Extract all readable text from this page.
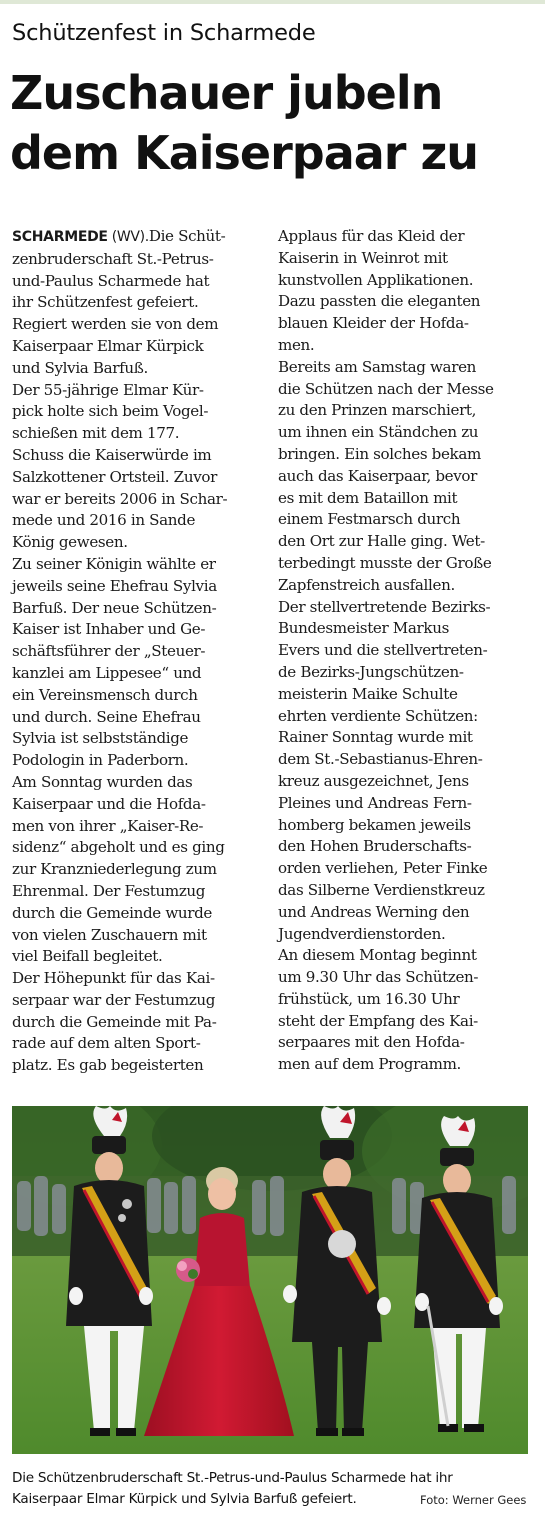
Schützenfest in Scharmede
Zuschauer jubeln
dem Kaiserpaar zu
SCHARMEDE (WV).Die Schüt-
zenbruderschaft St.-Petrus-
und-Paulus Scharmede hat
ihr Schützenfest gefeiert.
Regiert werden sie von dem
Kaiserpaar Elmar Kürpick
und Sylvia Barfuß.
Der 55-jährige Elmar Kür-
pick holte sich beim Vogel-
schießen mit dem 177.
Schuss die Kaiserwürde im
Salzkottener Ortsteil. Zuvor
war er bereits 2006 in Schar-
mede und 2016 in Sande
König gewesen.
Zu seiner Königin wählte er
jeweils seine Ehefrau Sylvia
Barfuß. Der neue Schützen-
Kaiser ist Inhaber und Ge-
schäftsführer der „Steuer-
kanzlei am Lippesee“ und
ein Vereinsmensch durch
und durch. Seine Ehefrau
Sylvia ist selbstständige
Podologin in Paderborn.
Am Sonntag wurden das
Kaiserpaar und die Hofda-
men von ihrer „Kaiser-Re-
sidenz“ abgeholt und es ging
zur Kranzniederlegung zum
Ehrenmal. Der Festumzug
durch die Gemeinde wurde
von vielen Zuschauern mit
viel Beifall begleitet.
Der Höhepunkt für das Kai-
serpaar war der Festumzug
durch die Gemeinde mit Pa-
rade auf dem alten Sport-
platz. Es gab begeisterten
Applaus für das Kleid der
Kaiserin in Weinrot mit
kunstvollen Applikationen.
Dazu passten die eleganten
blauen Kleider der Hofda-
men.
Bereits am Samstag waren
die Schützen nach der Messe
zu den Prinzen marschiert,
um ihnen ein Ständchen zu
bringen. Ein solches bekam
auch das Kaiserpaar, bevor
es mit dem Bataillon mit
einem Festmarsch durch
den Ort zur Halle ging. Wet-
terbedingt musste der Große
Zapfenstreich ausfallen.
Der stellvertretende Bezirks-
Bundesmeister Markus
Evers und die stellvertreten-
de Bezirks-Jungschützen-
meisterin Maike Schulte
ehrten verdiente Schützen:
Rainer Sonntag wurde mit
dem St.-Sebastianus-Ehren-
kreuz ausgezeichnet, Jens
Pleines und Andreas Fern-
homberg bekamen jeweils
den Hohen Bruderschafts-
orden verliehen, Peter Finke
das Silberne Verdienstkreuz
und Andreas Werning den
Jugendverdienstorden.
An diesem Montag beginnt
um 9.30 Uhr das Schützen-
frühstück, um 16.30 Uhr
steht der Empfang des Kai-
serpaares mit den Hofda-
men auf dem Programm.
Die Schützenbruderschaft St.-Petrus-und-Paulus Scharmede hat ihr
Kaiserpaar Elmar Kürpick und Sylvia Barfuß gefeiert.	Foto: Werner Gees
